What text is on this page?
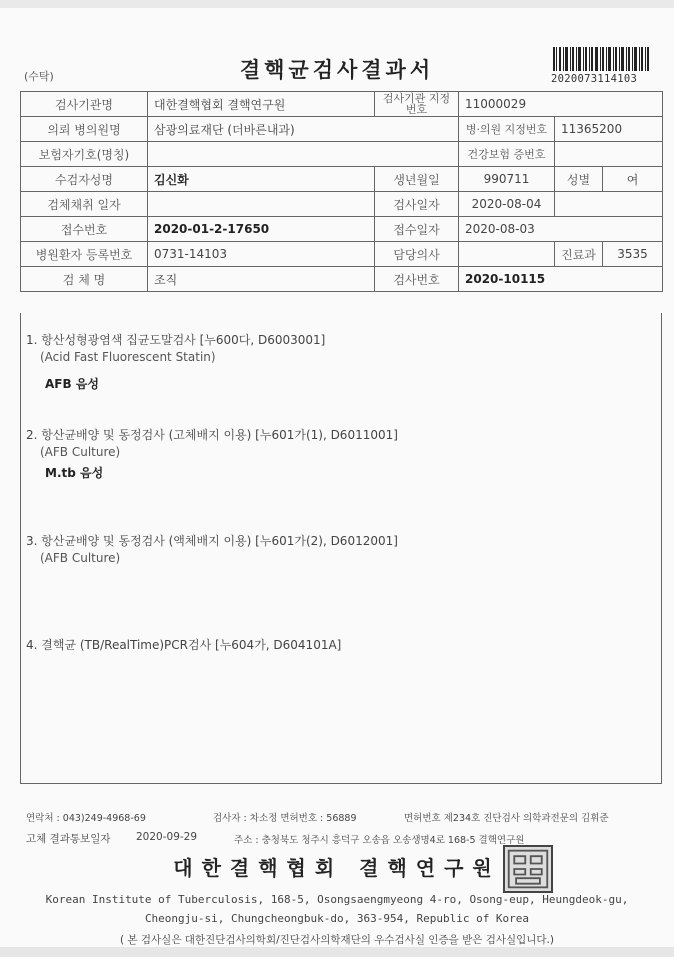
(수탁)	결핵균검사결과서	2020073114103
검사기관명	대한결핵협회 결핵연구원	검사기관 지정번호	11000029		
의뢰 병의원명	삼광의료재단 (더바른내과)		병·의원 지정번호	11365200	
보험자기호(명칭)			건강보험 증번호		
수검자성명	김신화	생년월일	990711	성별	여
검체채취 일자		검사일자	2020-08-04		
접수번호	2020-01-2-17650	접수일자	2020-08-03		
병원환자 등록번호	0731-14103	담당의사		진료과	3535
검 체 명	조직	검사번호	2020-10115		
1. 항산성형광염색 집균도말검사 [누600다, D6003001]
(Acid Fast Fluorescent Statin)
AFB 음성
2. 항산균배양 및 동정검사 (고체배지 이용) [누601가(1), D6011001]
(AFB Culture)
M.tb 음성
3. 항산균배양 및 동정검사 (액체배지 이용) [누601가(2), D6012001]
(AFB Culture)
4. 결핵균 (TB/RealTime)PCR검사 [누604가, D604101A]
연락처 : 043)249-4968-69	검사자 : 차소정 면허번호 : 56889	면허번호 제234호 진단검사 의학과전문의 김휘준
고체 결과통보일자 2020-09-29	주소 : 충청북도 청주시 흥덕구 오송읍 오송생명4로 168-5 결핵연구원
대한결핵협회 결핵연구원
Korean Institute of Tuberculosis, 168-5, Osongsaengmyeong 4-ro, Osong-eup, Heungdeok-gu,
Cheongju-si, Chungcheongbuk-do, 363-954, Republic of Korea
( 본 검사실은 대한진단검사의학회/진단검사의학재단의 우수검사실 인증을 받은 검사실입니다.)
